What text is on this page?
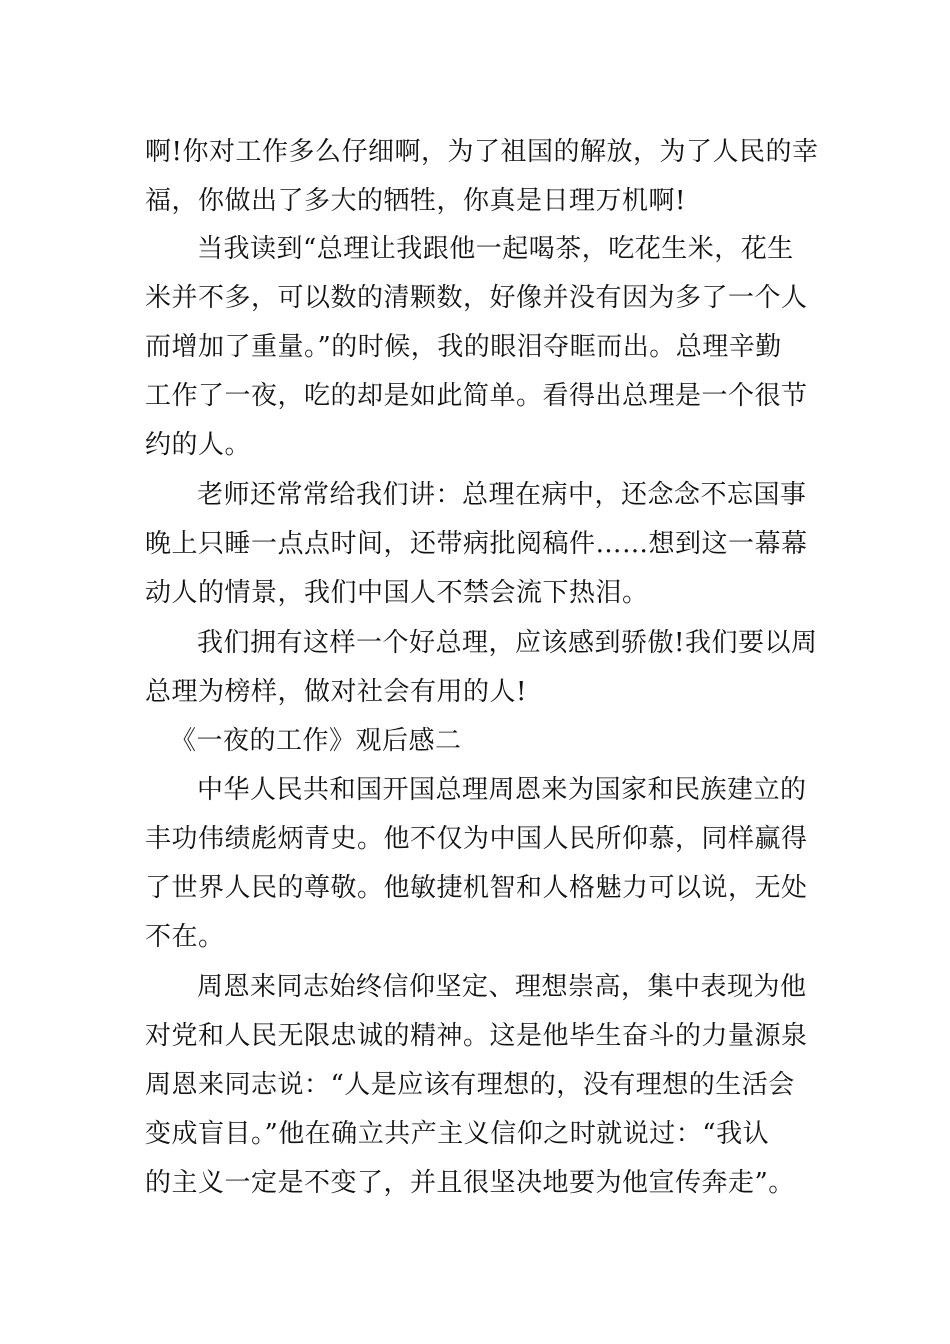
啊!你对工作多么仔细啊，为了祖国的解放，为了人民的幸
福，你做出了多大的牺牲，你真是日理万机啊!
当我读到“总理让我跟他一起喝茶，吃花生米，花生
米并不多，可以数的清颗数，好像并没有因为多了一个人
而增加了重量。”的时候，我的眼泪夺眶而出。总理辛勤
工作了一夜，吃的却是如此简单。看得出总理是一个很节
约的人。
老师还常常给我们讲：总理在病中，还念念不忘国事
晚上只睡一点点时间，还带病批阅稿件……想到这一幕幕
动人的情景，我们中国人不禁会流下热泪。
我们拥有这样一个好总理，应该感到骄傲!我们要以周
总理为榜样，做对社会有用的人!
《一夜的工作》观后感二
中华人民共和国开国总理周恩来为国家和民族建立的
丰功伟绩彪炳青史。他不仅为中国人民所仰慕，同样赢得
了世界人民的尊敬。他敏捷机智和人格魅力可以说，无处
不在。
周恩来同志始终信仰坚定、理想崇高，集中表现为他
对党和人民无限忠诚的精神。这是他毕生奋斗的力量源泉
周恩来同志说：“人是应该有理想的，没有理想的生活会
变成盲目。”他在确立共产主义信仰之时就说过：“我认
的主义一定是不变了，并且很坚决地要为他宣传奔走”。
